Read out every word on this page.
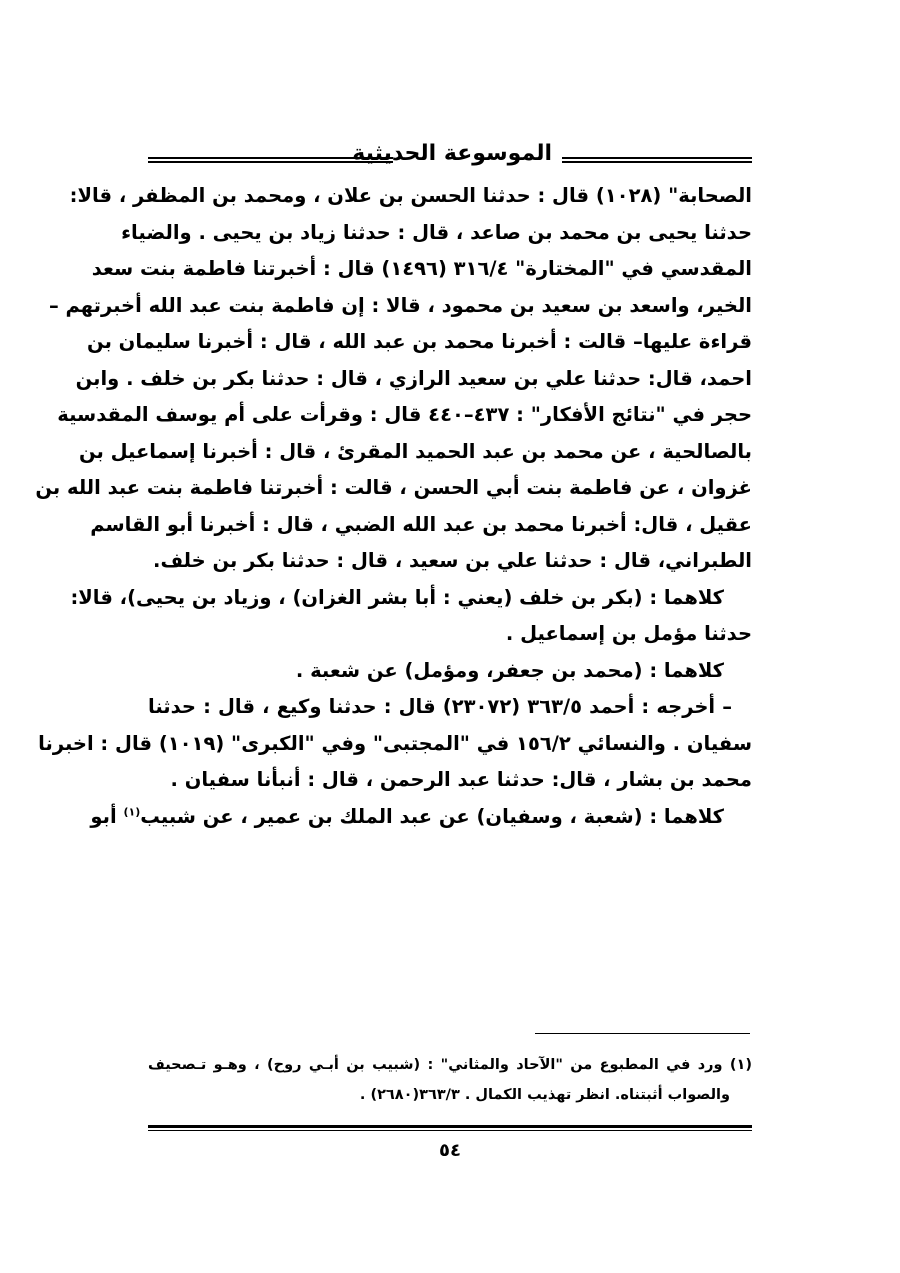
الموسوعة الحديثية
الصحابة" (١٠٢٨) قال : حدثنا الحسن بن علان ، ومحمد بن المظفر ، قالا:
حدثنا يحيى بن محمد بن صاعد ، قال : حدثنا زياد بن يحيى . والضياء
المقدسي في "المختارة" ٣١٦/٤ (١٤٩٦) قال : أخبرتنا فاطمة بنت سعد
الخير، واسعد بن سعيد بن محمود ، قالا : إن فاطمة بنت عبد الله أخبرتهم –
قراءة عليها– قالت : أخبرنا محمد بن عبد الله ، قال : أخبرنا سليمان بن
احمد، قال: حدثنا علي بن سعيد الرازي ، قال : حدثنا بكر بن خلف . وابن
حجر في "نتائج الأفكار" : ٤٣٧–٤٤٠ قال : وقرأت على أم يوسف المقدسية
بالصالحية ، عن محمد بن عبد الحميد المقرئ ، قال : أخبرنا إسماعيل بن
غزوان ، عن فاطمة بنت أبي الحسن ، قالت : أخبرتنا فاطمة بنت عبد الله بن
عقيل ، قال: أخبرنا محمد بن عبد الله الضبي ، قال : أخبرنا أبو القاسم
الطبراني، قال : حدثنا علي بن سعيد ، قال : حدثنا بكر بن خلف.
كلاهما : (بكر بن خلف (يعني : أبا بشر الغزان) ، وزياد بن يحيى)، قالا:
حدثنا مؤمل بن إسماعيل .
كلاهما : (محمد بن جعفر، ومؤمل) عن شعبة .
– أخرجه : أحمد ٣٦٣/٥ (٢٣٠٧٢) قال : حدثنا وكيع ، قال : حدثنا
سفيان . والنسائي ١٥٦/٢ في "المجتبى" وفي "الكبرى" (١٠١٩) قال : اخبرنا
محمد بن بشار ، قال: حدثنا عبد الرحمن ، قال : أنبأنا سفيان .
كلاهما : (شعبة ، وسفيان) عن عبد الملك بن عمير ، عن شبيب$^{(١)}$ أبو
(١) ورد في المطبوع من "الآحاد والمثاني" : (شبيب بن أبـي روح) ، وهـو تـصحيف
والصواب أثبتناه. انظر تهذيب الكمال . ٣٦٣/٣(٢٦٨٠) .
٥٤
